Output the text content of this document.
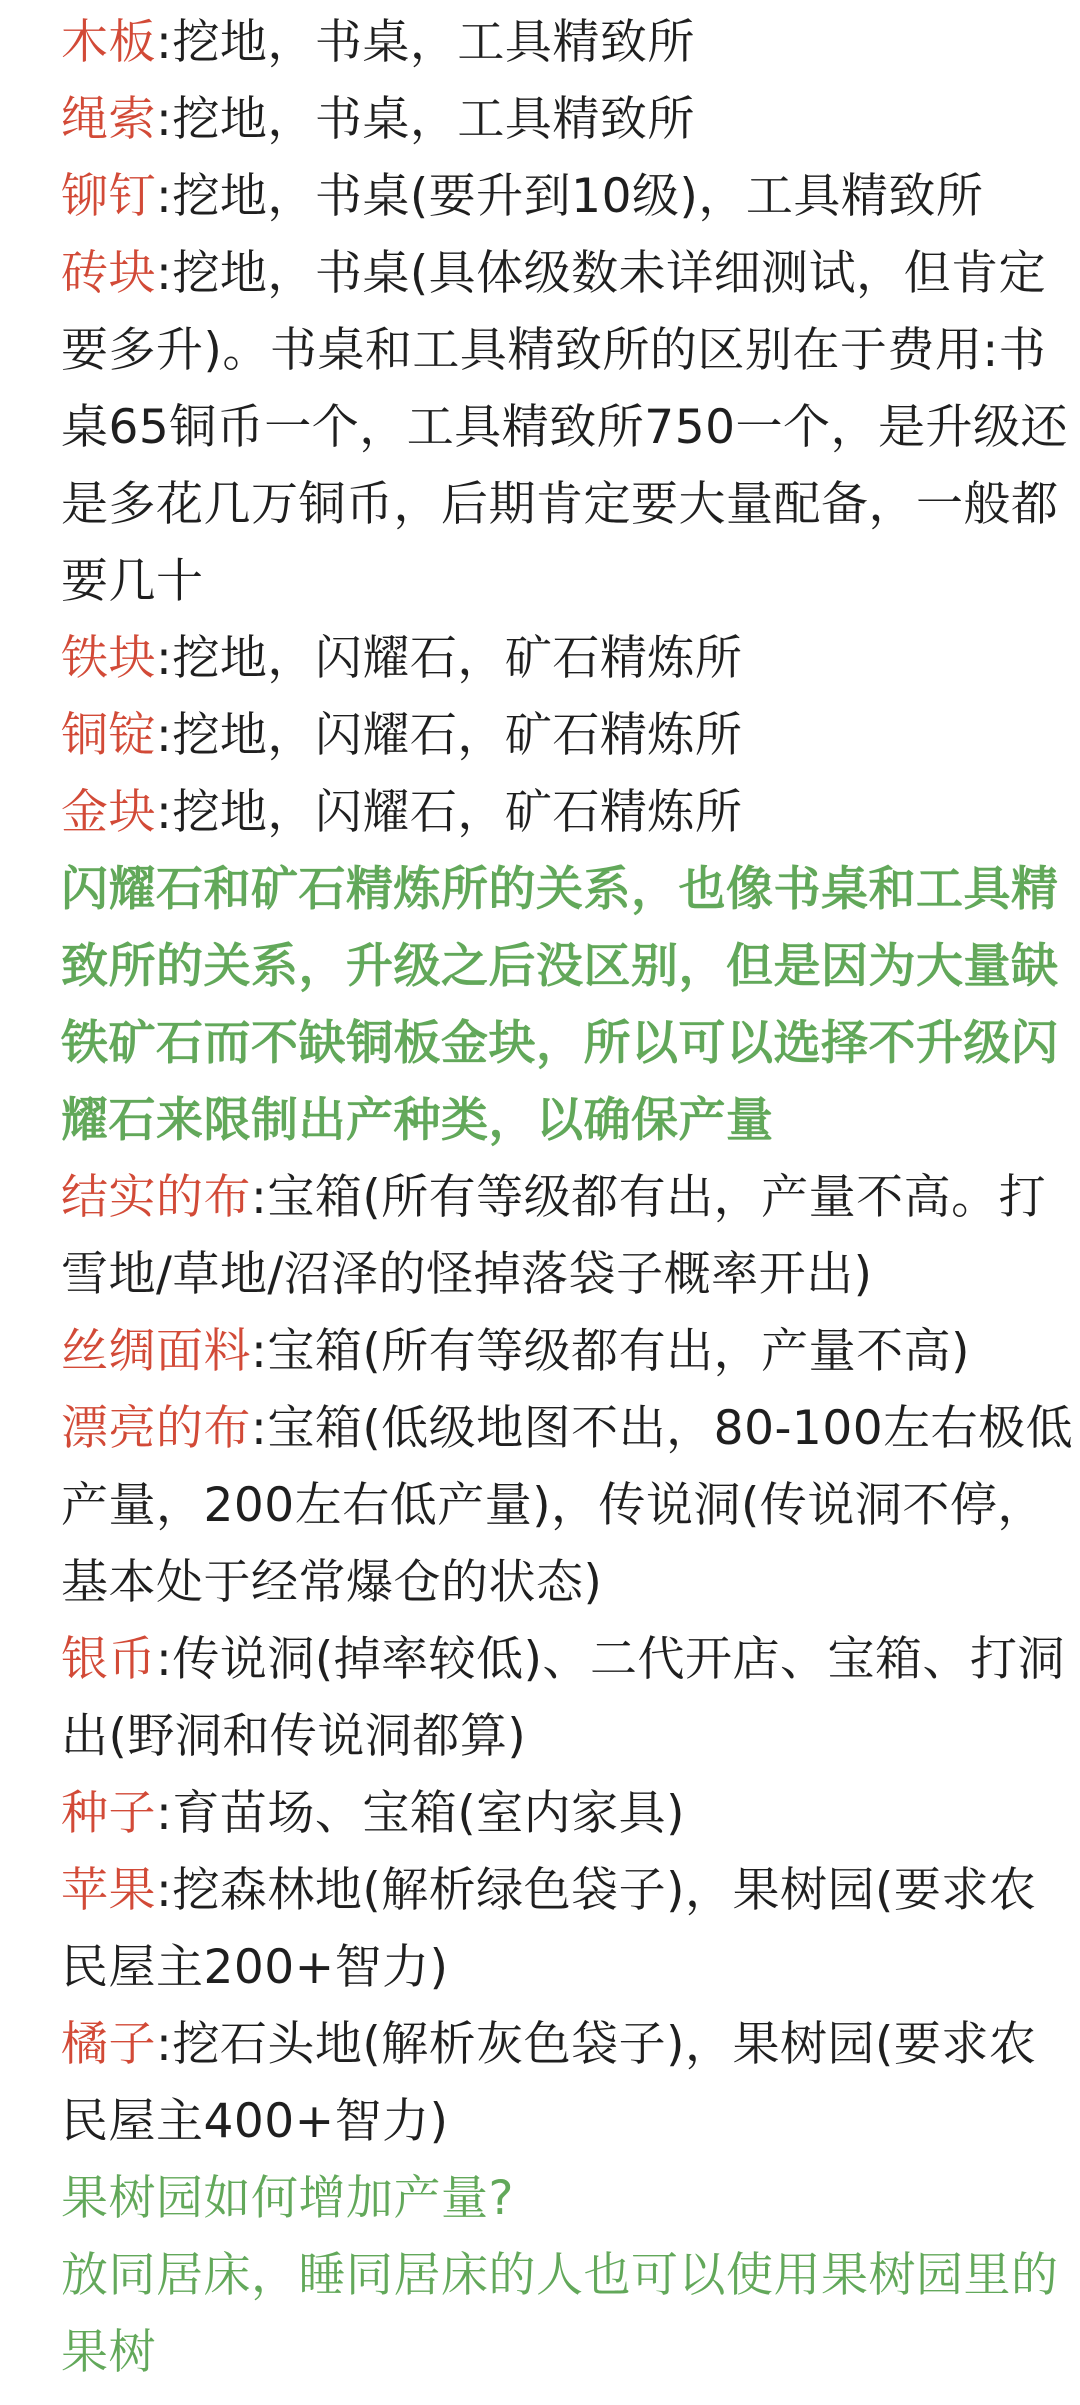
木板:挖地，书桌，工具精致所

绳索:挖地，书桌，工具精致所

铆钉:挖地，书桌(要升到10级)，工具精致所

砖块:挖地，书桌(具体级数未详细测试，但肯定要多升)。书桌和工具精致所的区别在于费用:书桌65铜币一个，工具精致所750一个，是升级还是多花几万铜币，后期肯定要大量配备，一般都要几十

铁块:挖地，闪耀石，矿石精炼所

铜锭:挖地，闪耀石，矿石精炼所

金块:挖地，闪耀石，矿石精炼所

闪耀石和矿石精炼所的关系，也像书桌和工具精致所的关系，升级之后没区别，但是因为大量缺铁矿石而不缺铜板金块，所以可以选择不升级闪耀石来限制出产种类，以确保产量

结实的布:宝箱(所有等级都有出，产量不高。打雪地/草地/沼泽的怪掉落袋子概率开出)

丝绸面料:宝箱(所有等级都有出，产量不高)

漂亮的布:宝箱(低级地图不出，80-100左右极低产量，200左右低产量)，传说洞(传说洞不停，基本处于经常爆仓的状态)

银币:传说洞(掉率较低)、二代开店、宝箱、打洞出(野洞和传说洞都算)

种子:育苗场、宝箱(室内家具)

苹果:挖森林地(解析绿色袋子)，果树园(要求农民屋主200+智力)

橘子:挖石头地(解析灰色袋子)，果树园(要求农民屋主400+智力)

果树园如何增加产量?

放同居床，睡同居床的人也可以使用果树园里的果树
